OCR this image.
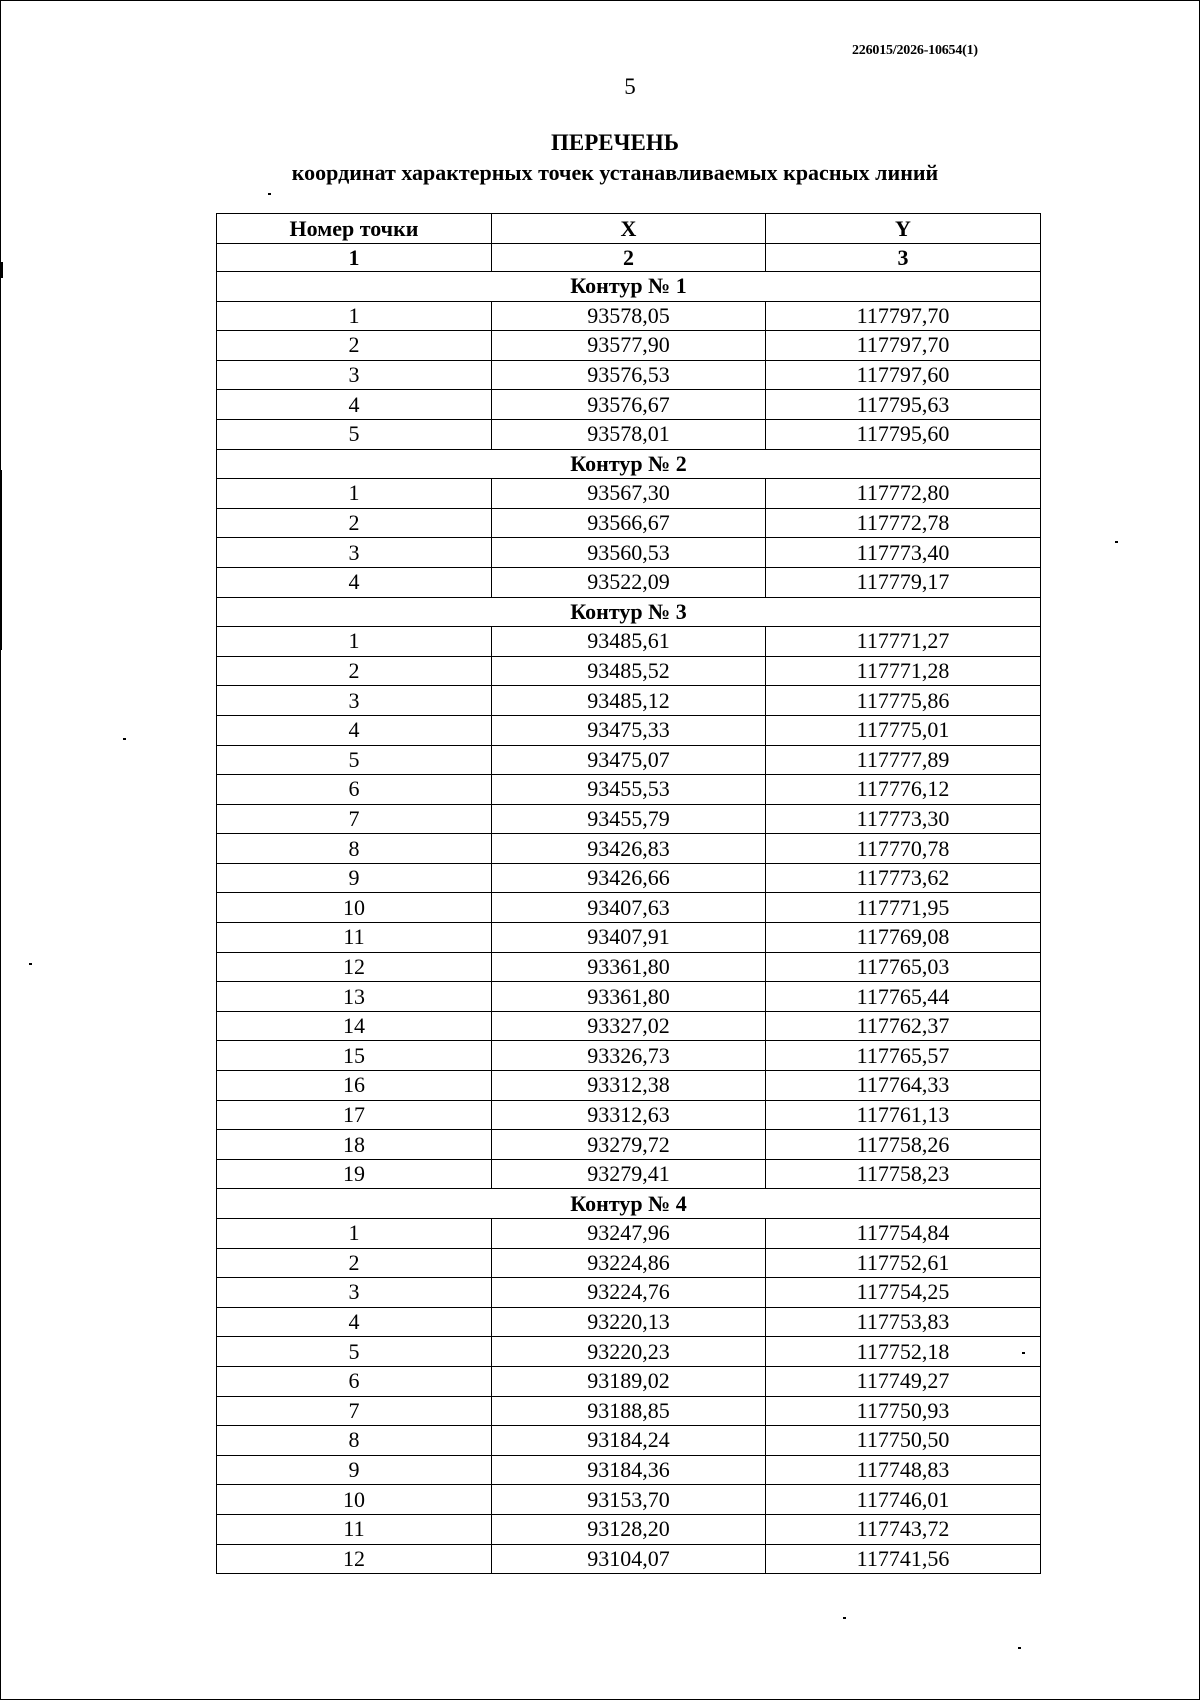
226015/2026-10654(1)
5
ПЕРЕЧЕНЬ
координат характерных точек устанавливаемых красных линий
Номер точки	X	Y
1	2	3
Контур № 1		
1	93578,05	117797,70
2	93577,90	117797,70
3	93576,53	117797,60
4	93576,67	117795,63
5	93578,01	117795,60
Контур № 2		
1	93567,30	117772,80
2	93566,67	117772,78
3	93560,53	117773,40
4	93522,09	117779,17
Контур № 3		
1	93485,61	117771,27
2	93485,52	117771,28
3	93485,12	117775,86
4	93475,33	117775,01
5	93475,07	117777,89
6	93455,53	117776,12
7	93455,79	117773,30
8	93426,83	117770,78
9	93426,66	117773,62
10	93407,63	117771,95
11	93407,91	117769,08
12	93361,80	117765,03
13	93361,80	117765,44
14	93327,02	117762,37
15	93326,73	117765,57
16	93312,38	117764,33
17	93312,63	117761,13
18	93279,72	117758,26
19	93279,41	117758,23
Контур № 4		
1	93247,96	117754,84
2	93224,86	117752,61
3	93224,76	117754,25
4	93220,13	117753,83
5	93220,23	117752,18
6	93189,02	117749,27
7	93188,85	117750,93
8	93184,24	117750,50
9	93184,36	117748,83
10	93153,70	117746,01
11	93128,20	117743,72
12	93104,07	117741,56
